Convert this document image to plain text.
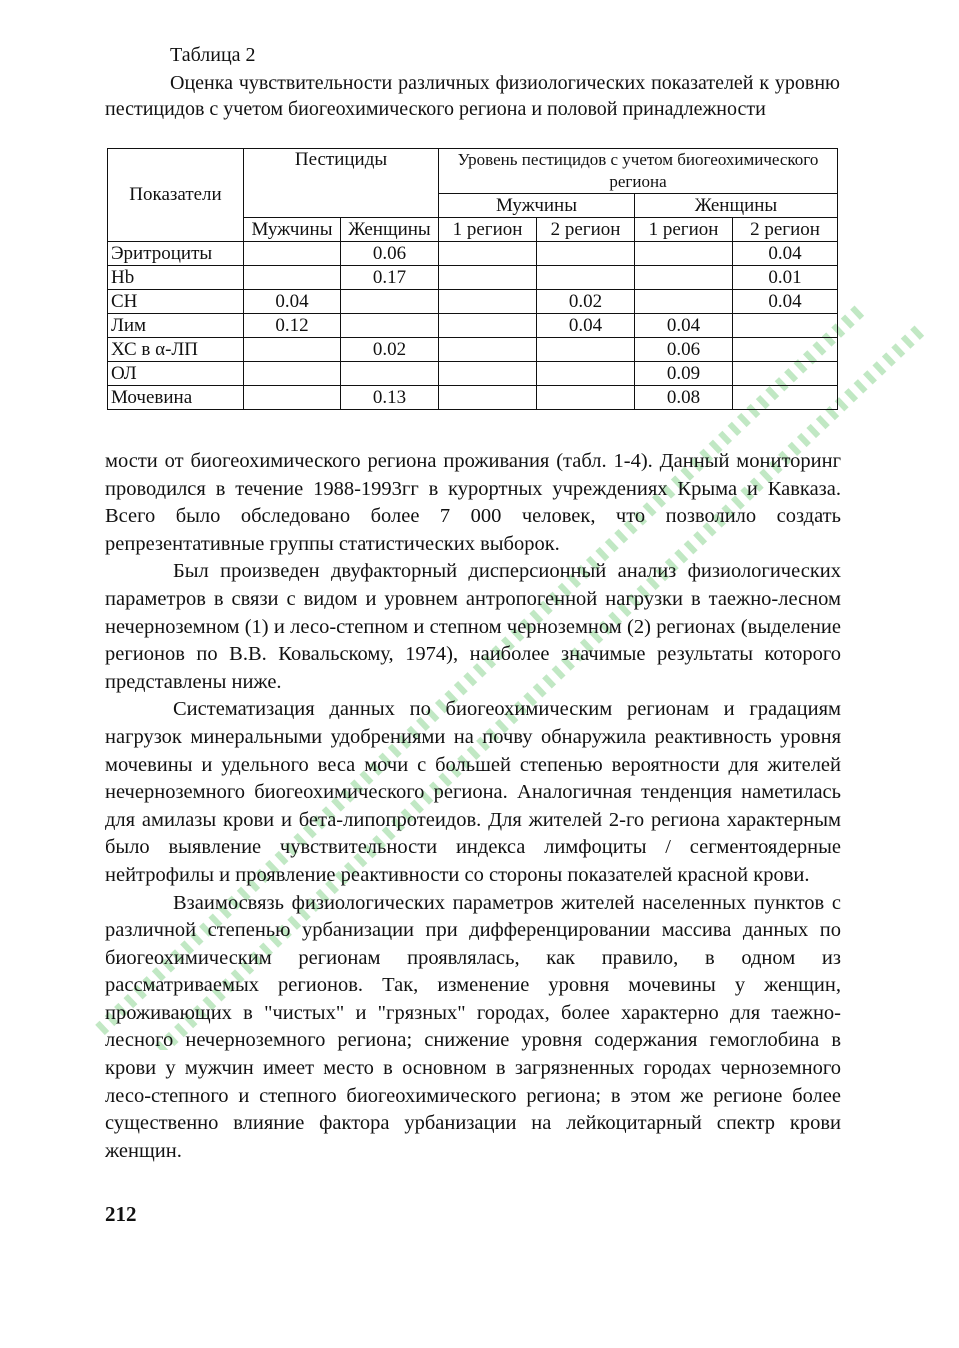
Таблица 2
Оценка чувствительности различных физиологических показателей к уровню пестицидов с учетом биогеохимического региона и половой принадлежности
Показатели	Пестициды		Уровень пестицидов с учетом биогеохимического региона			
			Мужчины		Женщины	
	Мужчины	Женщины	1 регион	2 регион	1 регион	2 регион
Эритроциты		0.06				0.04
Hb		0.17				0.01
СН	0.04			0.02		0.04
Лим	0.12			0.04	0.04	
ХС в α-ЛП		0.02			0.06	
ОЛ					0.09	
Мочевина		0.13			0.08	

мости от биогеохимического региона проживания (табл. 1-4). Данный мониторинг проводился в течение 1988-1993гг в курортных учреждениях Крыма и Кавказа. Всего было обследовано более 7 000 человек, что позволило создать репрезентативные группы статистических выборок.

Был произведен двуфакторный дисперсионный анализ физиологических параметров в связи с видом и уровнем антропогенной нагрузки в таежно-лесном нечерноземном (1) и лесо-степном и степном черноземном (2) регионах (выделение регионов по В.В. Ковальскому, 1974), наиболее значимые результаты которого представлены ниже.

Систематизация данных по биогеохимическим регионам и градациям нагрузок минеральными удобрениями на почву обнаружила реактивность уровня мочевины и удельного веса мочи с большей степенью вероятности для жителей нечерноземного биогеохимического региона. Аналогичная тенденция наметилась для амилазы крови и бета-липопротеидов. Для жителей 2-го региона характерным было выявление чувствительности индекса лимфоциты / сегментоядерные нейтрофилы и проявление реактивности со стороны показателей красной крови.

Взаимосвязь физиологических параметров жителей населенных пунктов с различной степенью урбанизации при дифференцировании массива данных по биогеохимическим регионам проявлялась, как правило, в одном из рассматриваемых регионов. Так, изменение уровня мочевины у женщин, проживающих в "чистых" и "грязных" городах, более характерно для таежно-лесного нечерноземного региона; снижение уровня содержания гемоглобина в крови у мужчин имеет место в основном в загрязненных городах черноземного лесо-степного и степного биогеохимического региона; в этом же регионе более существенно влияние фактора урбанизации на лейкоцитарный спектр крови женщин.

212
